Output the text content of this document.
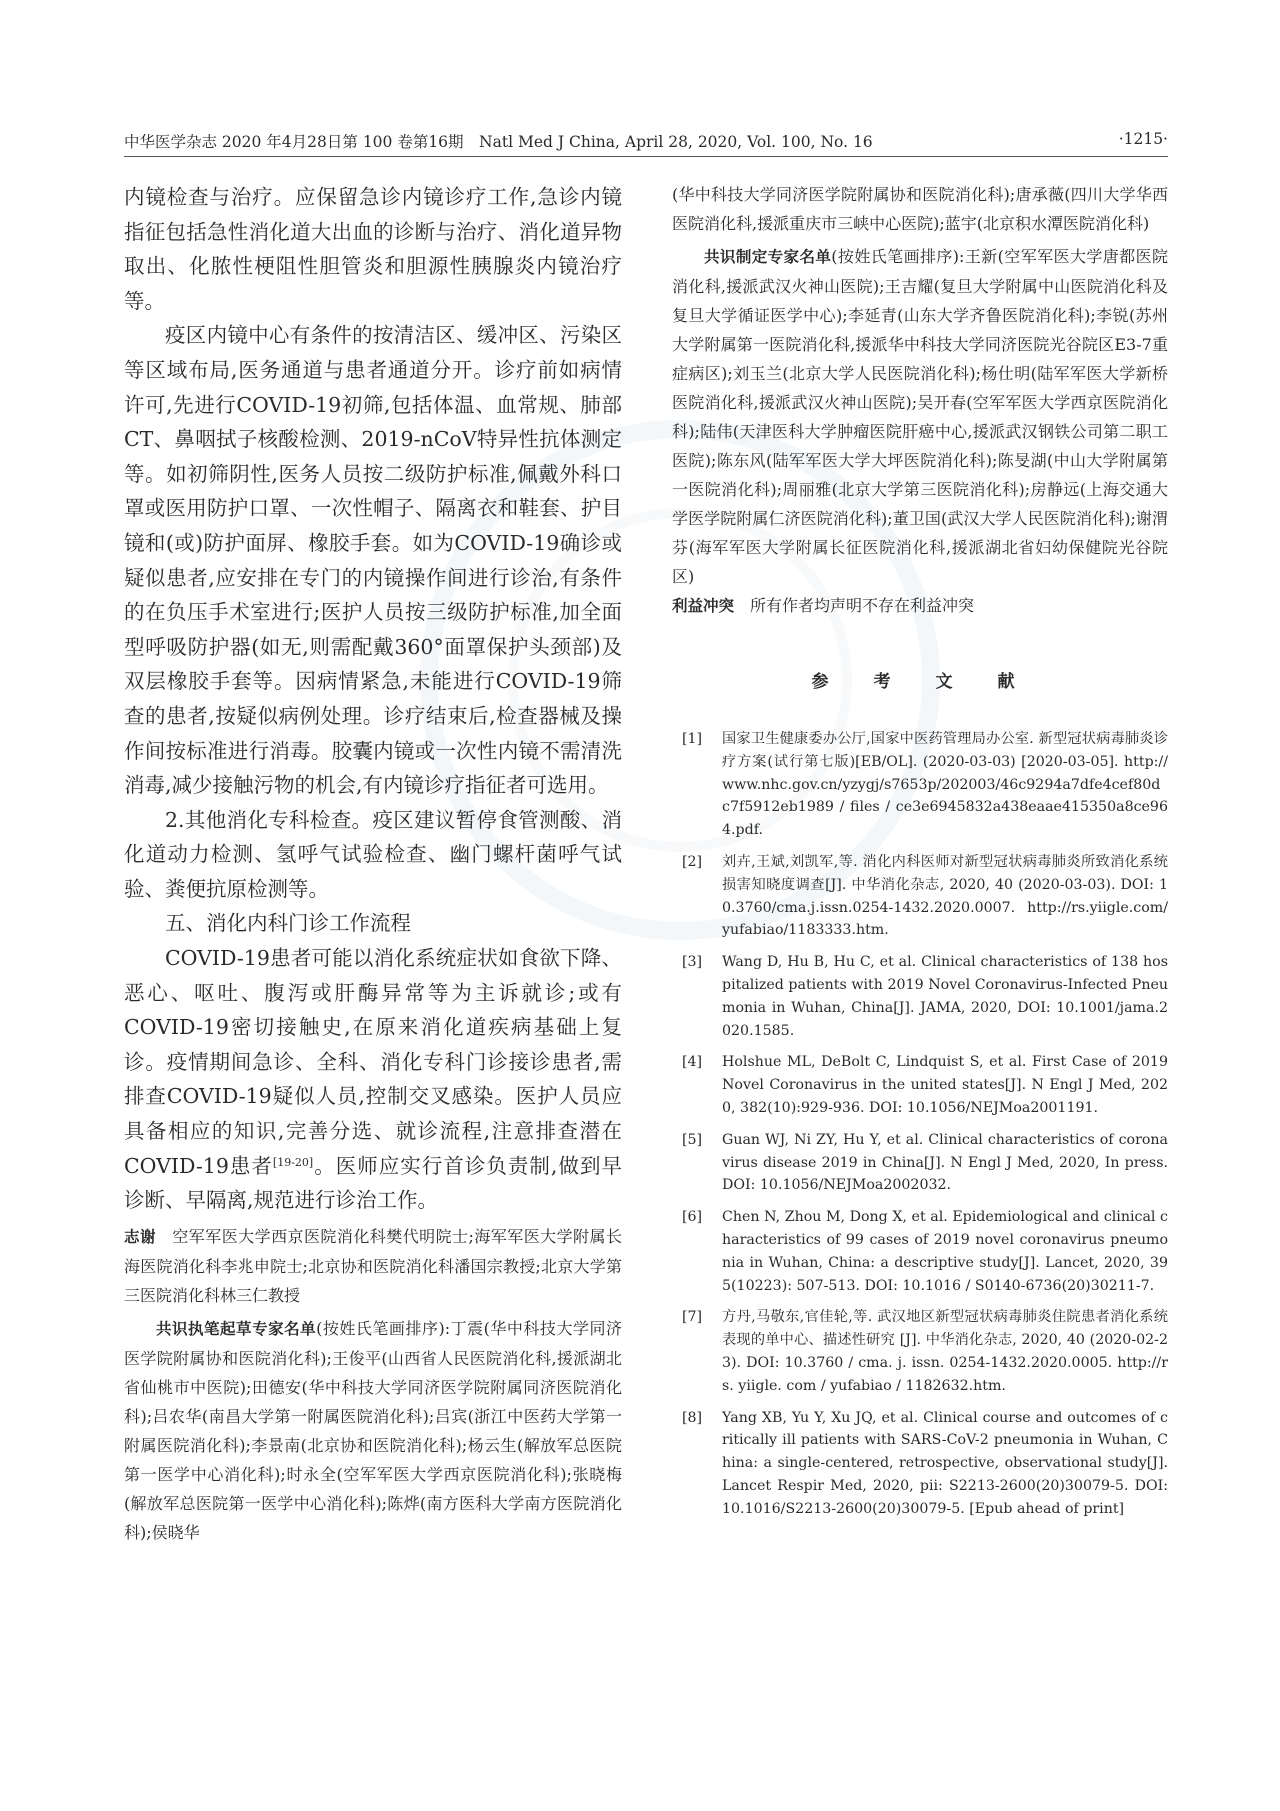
中华医学杂志 2020 年4月28日第 100 卷第16期　Natl Med J China, April 28, 2020, Vol. 100, No. 16	·1215·

内镜检查与治疗。应保留急诊内镜诊疗工作,急诊内镜指征包括急性消化道大出血的诊断与治疗、消化道异物取出、化脓性梗阻性胆管炎和胆源性胰腺炎内镜治疗等。

疫区内镜中心有条件的按清洁区、缓冲区、污染区等区域布局,医务通道与患者通道分开。诊疗前如病情许可,先进行COVID-19初筛,包括体温、血常规、肺部CT、鼻咽拭子核酸检测、2019-nCoV特异性抗体测定等。如初筛阴性,医务人员按二级防护标准,佩戴外科口罩或医用防护口罩、一次性帽子、隔离衣和鞋套、护目镜和(或)防护面屏、橡胶手套。如为COVID-19确诊或疑似患者,应安排在专门的内镜操作间进行诊治,有条件的在负压手术室进行;医护人员按三级防护标准,加全面型呼吸防护器(如无,则需配戴360°面罩保护头颈部)及双层橡胶手套等。因病情紧急,未能进行COVID-19筛查的患者,按疑似病例处理。诊疗结束后,检查器械及操作间按标准进行消毒。胶囊内镜或一次性内镜不需清洗消毒,减少接触污物的机会,有内镜诊疗指征者可选用。

2.其他消化专科检查。疫区建议暂停食管测酸、消化道动力检测、氢呼气试验检查、幽门螺杆菌呼气试验、粪便抗原检测等。

五、消化内科门诊工作流程

COVID-19患者可能以消化系统症状如食欲下降、恶心、呕吐、腹泻或肝酶异常等为主诉就诊;或有COVID-19密切接触史,在原来消化道疾病基础上复诊。疫情期间急诊、全科、消化专科门诊接诊患者,需排查COVID-19疑似人员,控制交叉感染。医护人员应具备相应的知识,完善分选、就诊流程,注意排查潜在COVID-19患者[19-20]。医师应实行首诊负责制,做到早诊断、早隔离,规范进行诊治工作。

志谢　 空军军医大学西京医院消化科樊代明院士;海军军医大学附属长海医院消化科李兆申院士;北京协和医院消化科潘国宗教授;北京大学第三医院消化科林三仁教授

共识执笔起草专家名单(按姓氏笔画排序):丁震(华中科技大学同济医学院附属协和医院消化科);王俊平(山西省人民医院消化科,援派湖北省仙桃市中医院);田德安(华中科技大学同济医学院附属同济医院消化科);吕农华(南昌大学第一附属医院消化科);吕宾(浙江中医药大学第一附属医院消化科);李景南(北京协和医院消化科);杨云生(解放军总医院第一医学中心消化科);时永全(空军军医大学西京医院消化科);张晓梅(解放军总医院第一医学中心消化科);陈烨(南方医科大学南方医院消化科);侯晓华

(华中科技大学同济医学院附属协和医院消化科);唐承薇(四川大学华西医院消化科,援派重庆市三峡中心医院);蓝宇(北京积水潭医院消化科)

共识制定专家名单(按姓氏笔画排序):王新(空军军医大学唐都医院消化科,援派武汉火神山医院);王吉耀(复旦大学附属中山医院消化科及复旦大学循证医学中心);李延青(山东大学齐鲁医院消化科);李锐(苏州大学附属第一医院消化科,援派华中科技大学同济医院光谷院区E3-7重症病区);刘玉兰(北京大学人民医院消化科);杨仕明(陆军军医大学新桥医院消化科,援派武汉火神山医院);吴开春(空军军医大学西京医院消化科);陆伟(天津医科大学肿瘤医院肝癌中心,援派武汉钢铁公司第二职工医院);陈东风(陆军军医大学大坪医院消化科);陈旻湖(中山大学附属第一医院消化科);周丽雅(北京大学第三医院消化科);房静远(上海交通大学医学院附属仁济医院消化科);董卫国(武汉大学人民医院消化科);谢渭芬(海军军医大学附属长征医院消化科,援派湖北省妇幼保健院光谷院区)

利益冲突　 所有作者均声明不存在利益冲突

参　考　文　献
[1] 国家卫生健康委办公厅,国家中医药管理局办公室. 新型冠状病毒肺炎诊疗方案(试行第七版)[EB/OL]. (2020-03-03) [2020-03-05]. http://www.nhc.gov.cn/yzygj/s7653p/202003/46c9294a7dfe4cef80dc7f5912eb1989 / files / ce3e6945832a438eaae415350a8ce964.pdf.
[2] 刘卉,王斌,刘凯军,等. 消化内科医师对新型冠状病毒肺炎所致消化系统损害知晓度调查[J]. 中华消化杂志, 2020, 40 (2020-03-03). DOI: 10.3760/cma.j.issn.0254-1432.2020.0007. http://rs.yiigle.com/yufabiao/1183333.htm.
[3] Wang D, Hu B, Hu C, et al. Clinical characteristics of 138 hospitalized patients with 2019 Novel Coronavirus-Infected Pneumonia in Wuhan, China[J]. JAMA, 2020, DOI: 10.1001/jama.2020.1585.
[4] Holshue ML, DeBolt C, Lindquist S, et al. First Case of 2019 Novel Coronavirus in the united states[J]. N Engl J Med, 2020, 382(10):929-936. DOI: 10.1056/NEJMoa2001191.
[5] Guan WJ, Ni ZY, Hu Y, et al. Clinical characteristics of coronavirus disease 2019 in China[J]. N Engl J Med, 2020, In press. DOI: 10.1056/NEJMoa2002032.
[6] Chen N, Zhou M, Dong X, et al. Epidemiological and clinical characteristics of 99 cases of 2019 novel coronavirus pneumonia in Wuhan, China: a descriptive study[J]. Lancet, 2020, 395(10223): 507-513. DOI: 10.1016 / S0140-6736(20)30211-7.
[7] 方丹,马敬东,官佳轮,等. 武汉地区新型冠状病毒肺炎住院患者消化系统表现的单中心、描述性研究 [J]. 中华消化杂志, 2020, 40 (2020-02-23). DOI: 10.3760 / cma. j. issn. 0254-1432.2020.0005. http://rs. yiigle. com / yufabiao / 1182632.htm.
[8] Yang XB, Yu Y, Xu JQ, et al. Clinical course and outcomes of critically ill patients with SARS-CoV-2 pneumonia in Wuhan, China: a single-centered, retrospective, observational study[J]. Lancet Respir Med, 2020, pii: S2213-2600(20)30079-5. DOI: 10.1016/S2213-2600(20)30079-5. [Epub ahead of print]
